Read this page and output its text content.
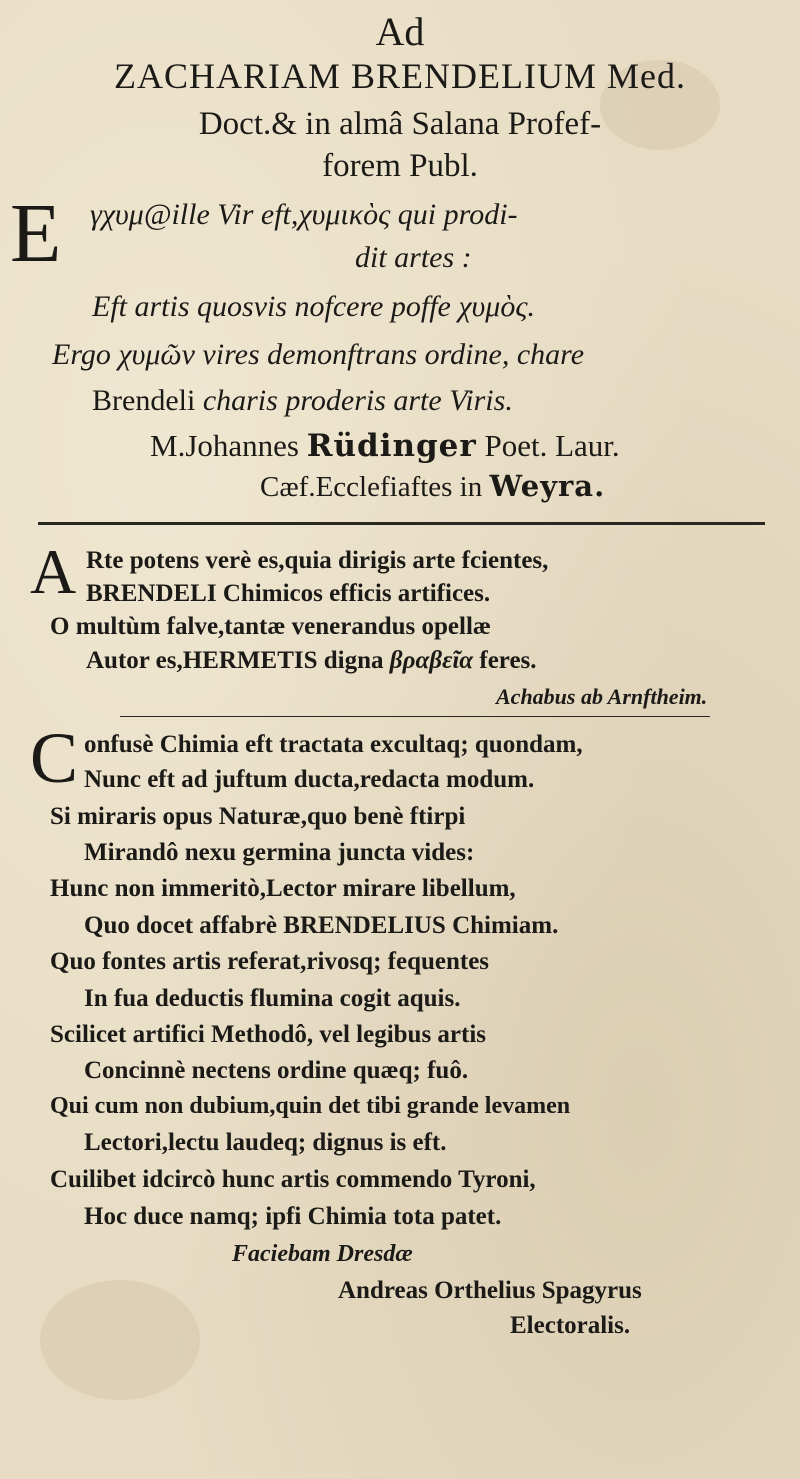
Ad
ZACHARIAM BRENDELIUM Med.
Doct.& in almâ Salana Profef-
forem Publ.
E γχυμ@ille Vir eft,χυμικὸς qui prodi-
dit artes :
Eft artis quosvis nofcere poffe χυμὸς.
Ergo χυμῶν vires demonftrans ordine, chare
Brendeli charis proderis arte Viris.
M.Johannes Rüdinger Poet. Laur.
Cæf.Ecclefiaftes in Weyra.
A Rte potens verè es,quia dirigis arte fcientes,
BRENDELI Chimicos efficis artifices.
O multùm falve,tantæ venerandus opellæ
Autor es,HERMETIS digna βραβεῖα feres.
Achabus ab Arnftheim.
C onfusè Chimia eft tractata excultaq; quondam,
Nunc eft ad juftum ducta,redacta modum.
Si miraris opus Naturæ,quo benè ftirpi
Mirandô nexu germina juncta vides:
Hunc non immeritò,Lector mirare libellum,
Quo docet affabrè BRENDELIUS Chimiam.
Quo fontes artis referat,rivosq; fequentes
In fua deductis flumina cogit aquis.
Scilicet artifici Methodô, vel legibus artis
Concinnè nectens ordine quæq; fuô.
Qui cum non dubium,quin det tibi grande levamen
Lectori,lectu laudeq; dignus is eft.
Cuilibet idcircò hunc artis commendo Tyroni,
Hoc duce namq; ipfi Chimia tota patet.
Faciebam Dresdæ
Andreas Orthelius Spagyrus
Electoralis.
